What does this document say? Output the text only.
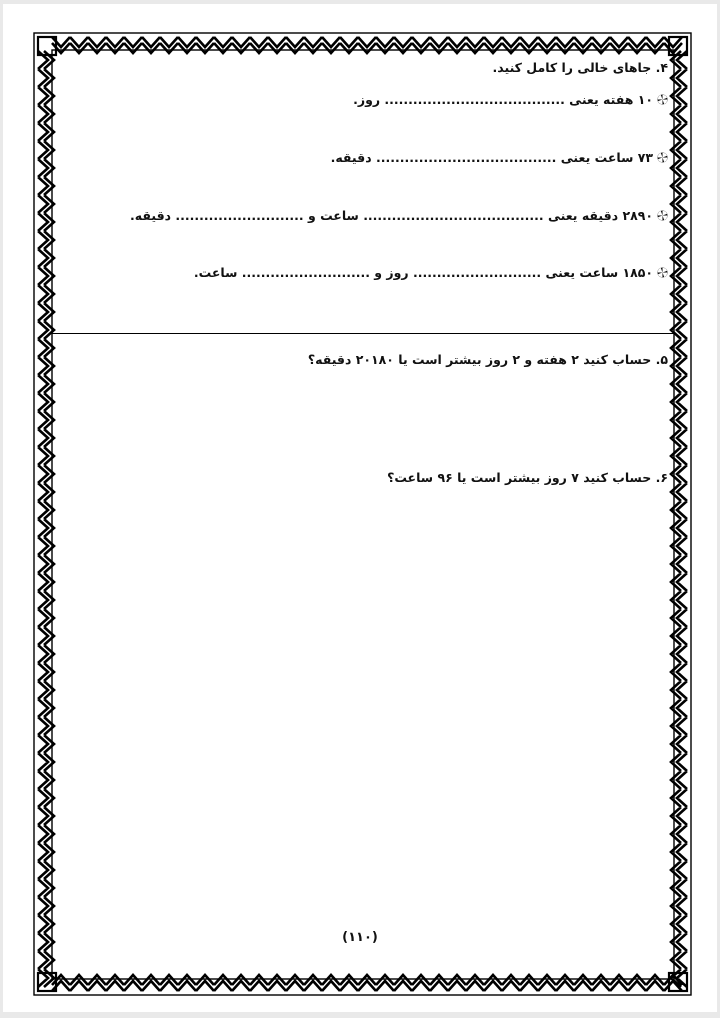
۴. جاهای خالی را کامل کنید.
۱۰ هفته یعنی ...................................... روز.
۷۳ ساعت یعنی ...................................... دقیقه.
۲۸۹۰ دقیقه یعنی ...................................... ساعت و ........................... دقیقه.
۱۸۵۰ ساعت یعنی ........................... روز و ........................... ساعت.
۵. حساب کنید ۲ هفته و ۲ روز بیشتر است یا ۲۰۱۸۰ دقیقه؟
۶. حساب کنید ۷ روز بیشتر است یا ۹۶ ساعت؟
(۱۱۰)
